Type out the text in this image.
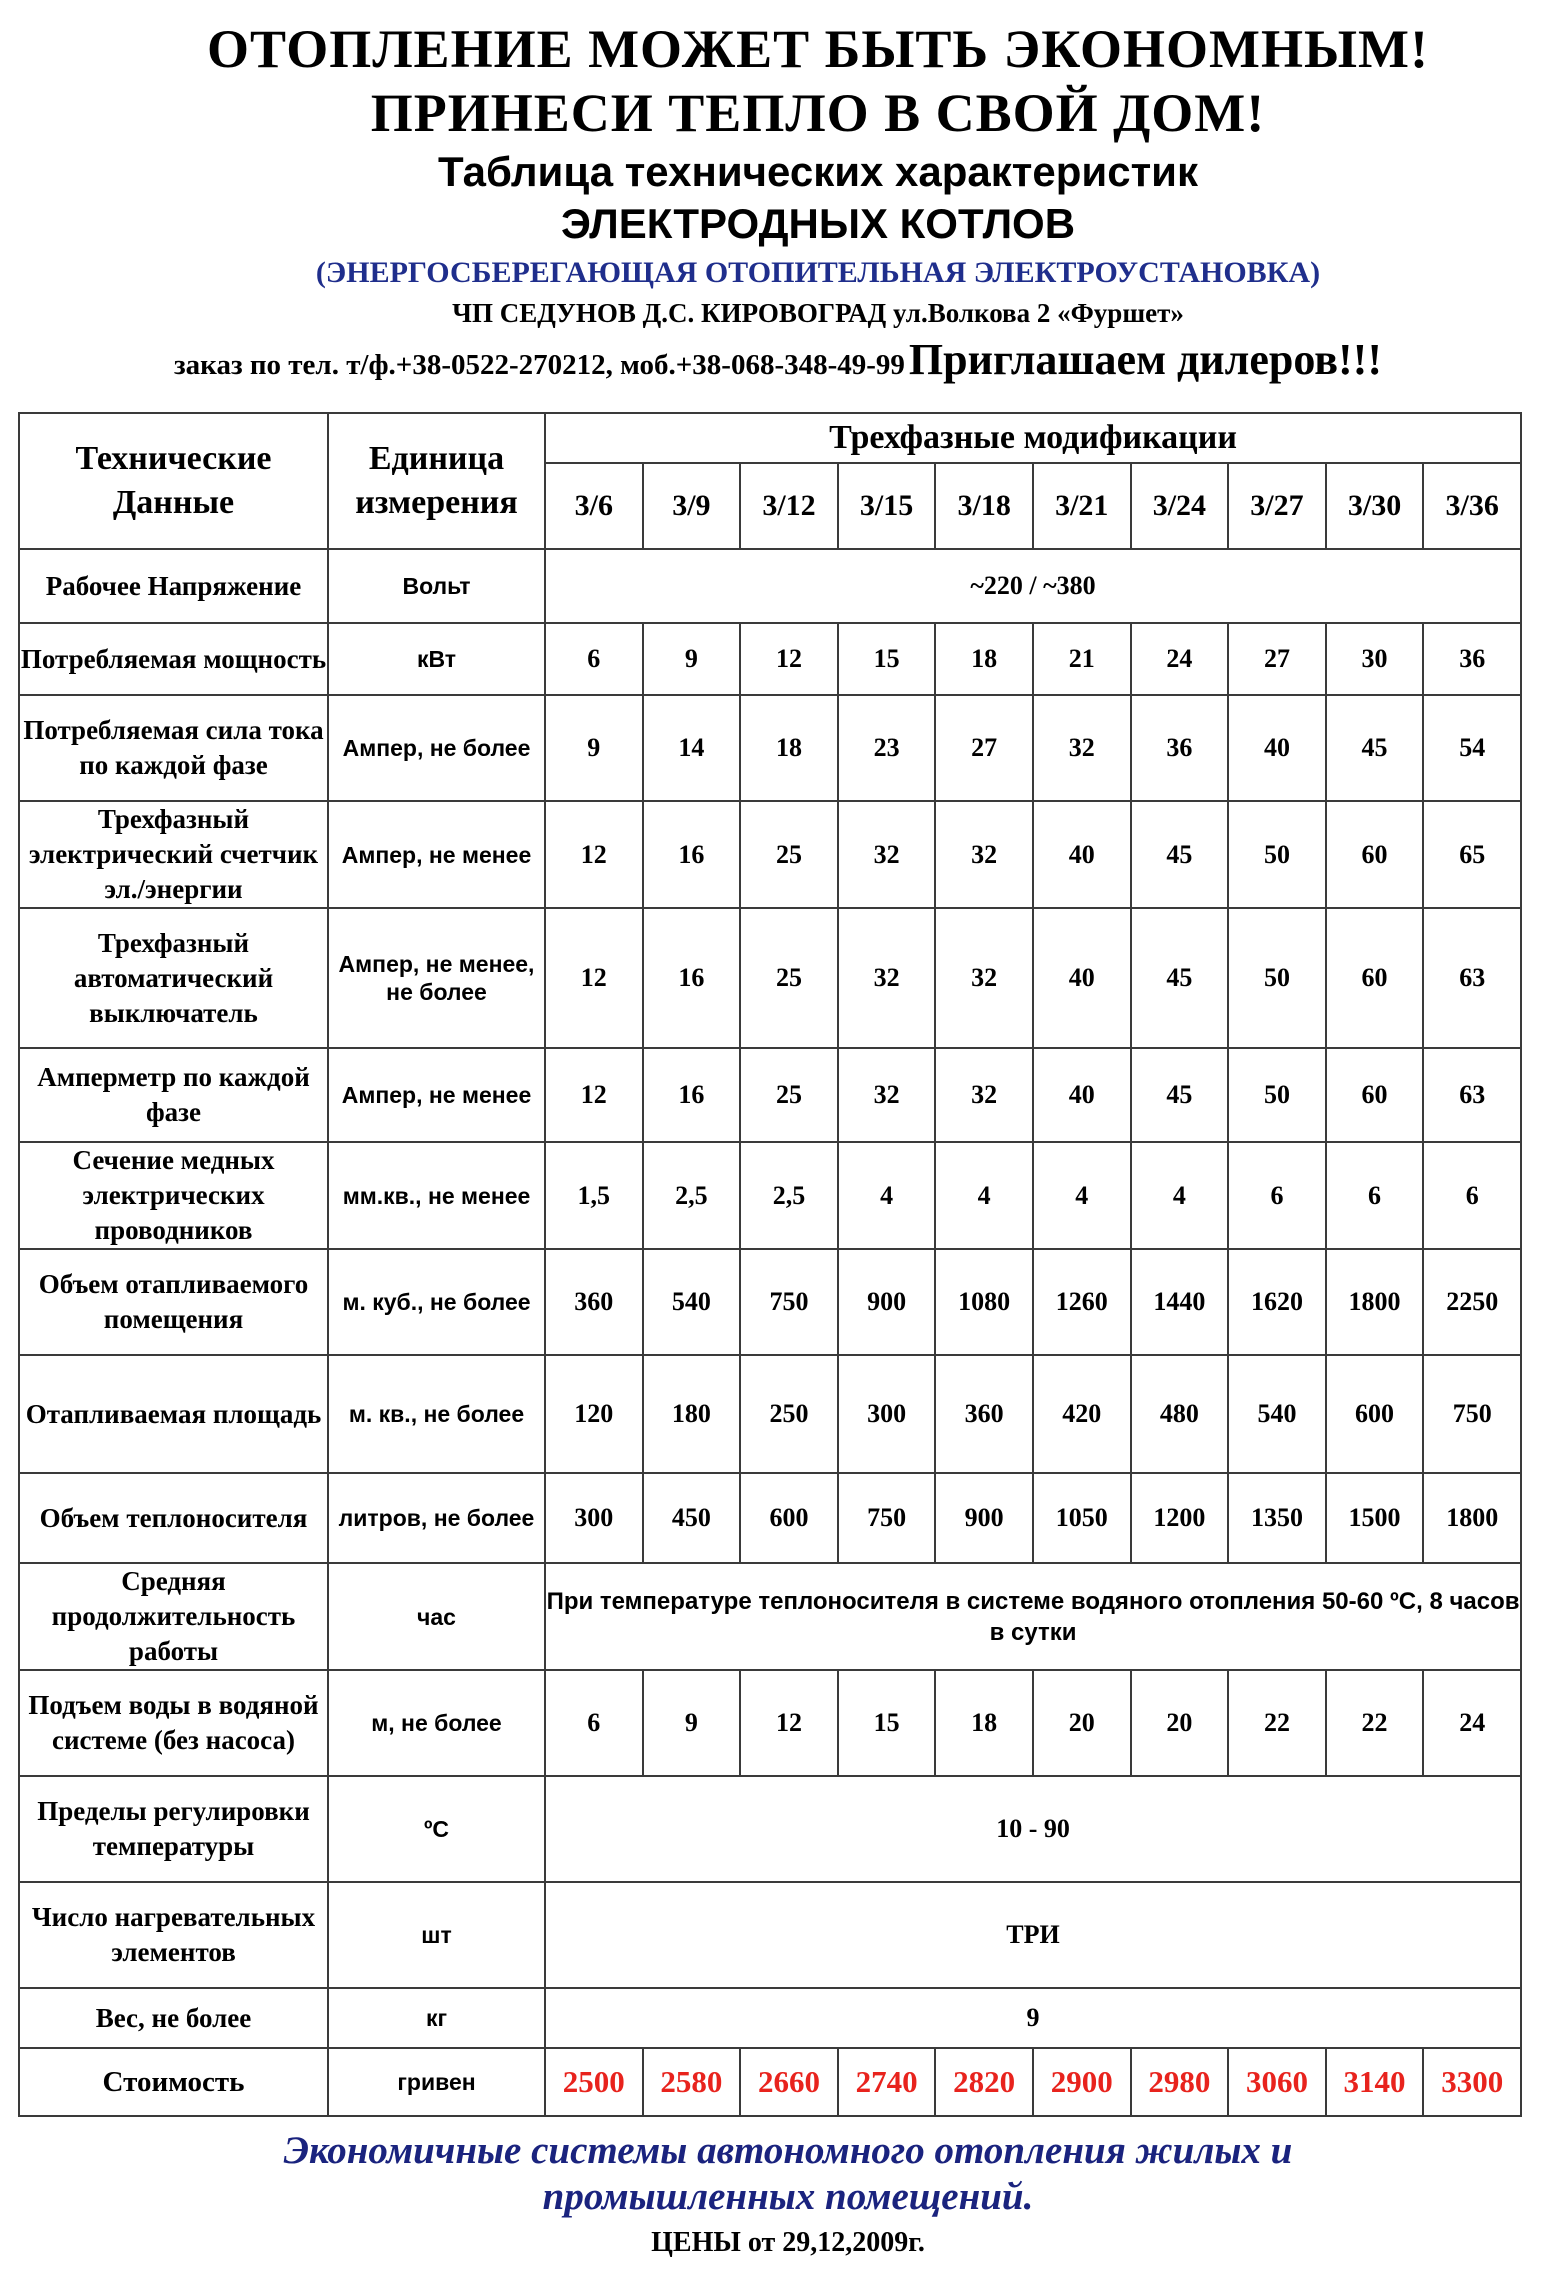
ОТОПЛЕНИЕ МОЖЕТ БЫТЬ ЭКОНОМНЫМ!
ПРИНЕСИ ТЕПЛО В СВОЙ ДОМ!
Таблица технических характеристик
ЭЛЕКТРОДНЫХ КОТЛОВ
(ЭНЕРГОСБЕРЕГАЮЩАЯ ОТОПИТЕЛЬНАЯ ЭЛЕКТРОУСТАНОВКА)
ЧП СЕДУНОВ Д.С. КИРОВОГРАД ул.Волкова 2 «Фуршет»
заказ по тел. т/ф.+38-0522-270212, моб.+38-068-348-49-99 Приглашаем дилеров!!!
Технические Данные	Единица измерения	Трехфазные модификации									
		3/6	3/9	3/12	3/15	3/18	3/21	3/24	3/27	3/30	3/36
Рабочее Напряжение	Вольт	~220 / ~380									
Потребляемая мощность	кВт	6	9	12	15	18	21	24	27	30	36
Потребляемая сила тока по каждой фазе	Ампер, не более	9	14	18	23	27	32	36	40	45	54
Трехфазный электрический счетчик эл./энергии	Ампер, не менее	12	16	25	32	32	40	45	50	60	65
Трехфазный автоматический выключатель	Ампер, не менее, не более	12	16	25	32	32	40	45	50	60	63
Амперметр по каждой фазе	Ампер, не менее	12	16	25	32	32	40	45	50	60	63
Сечение медных электрических проводников	мм.кв., не менее	1,5	2,5	2,5	4	4	4	4	6	6	6
Объем отапливаемого помещения	м. куб., не более	360	540	750	900	1080	1260	1440	1620	1800	2250
Отапливаемая площадь	м. кв., не более	120	180	250	300	360	420	480	540	600	750
Объем теплоносителя	литров, не более	300	450	600	750	900	1050	1200	1350	1500	1800
Средняя продолжительность работы	час	При температуре теплоносителя в системе водяного отопления 50-60 ºС, 8 часов в сутки									
Подъем воды в водяной системе (без насоса)	м, не более	6	9	12	15	18	20	20	22	22	24
Пределы регулировки температуры	ºС	10 - 90									
Число нагревательных элементов	шт	ТРИ									
Вес, не более	кг	9									
Стоимость	гривен	2500	2580	2660	2740	2820	2900	2980	3060	3140	3300
Экономичные системы автономного отопления жилых и
промышленных помещений.
ЦЕНЫ от 29,12,2009г.
